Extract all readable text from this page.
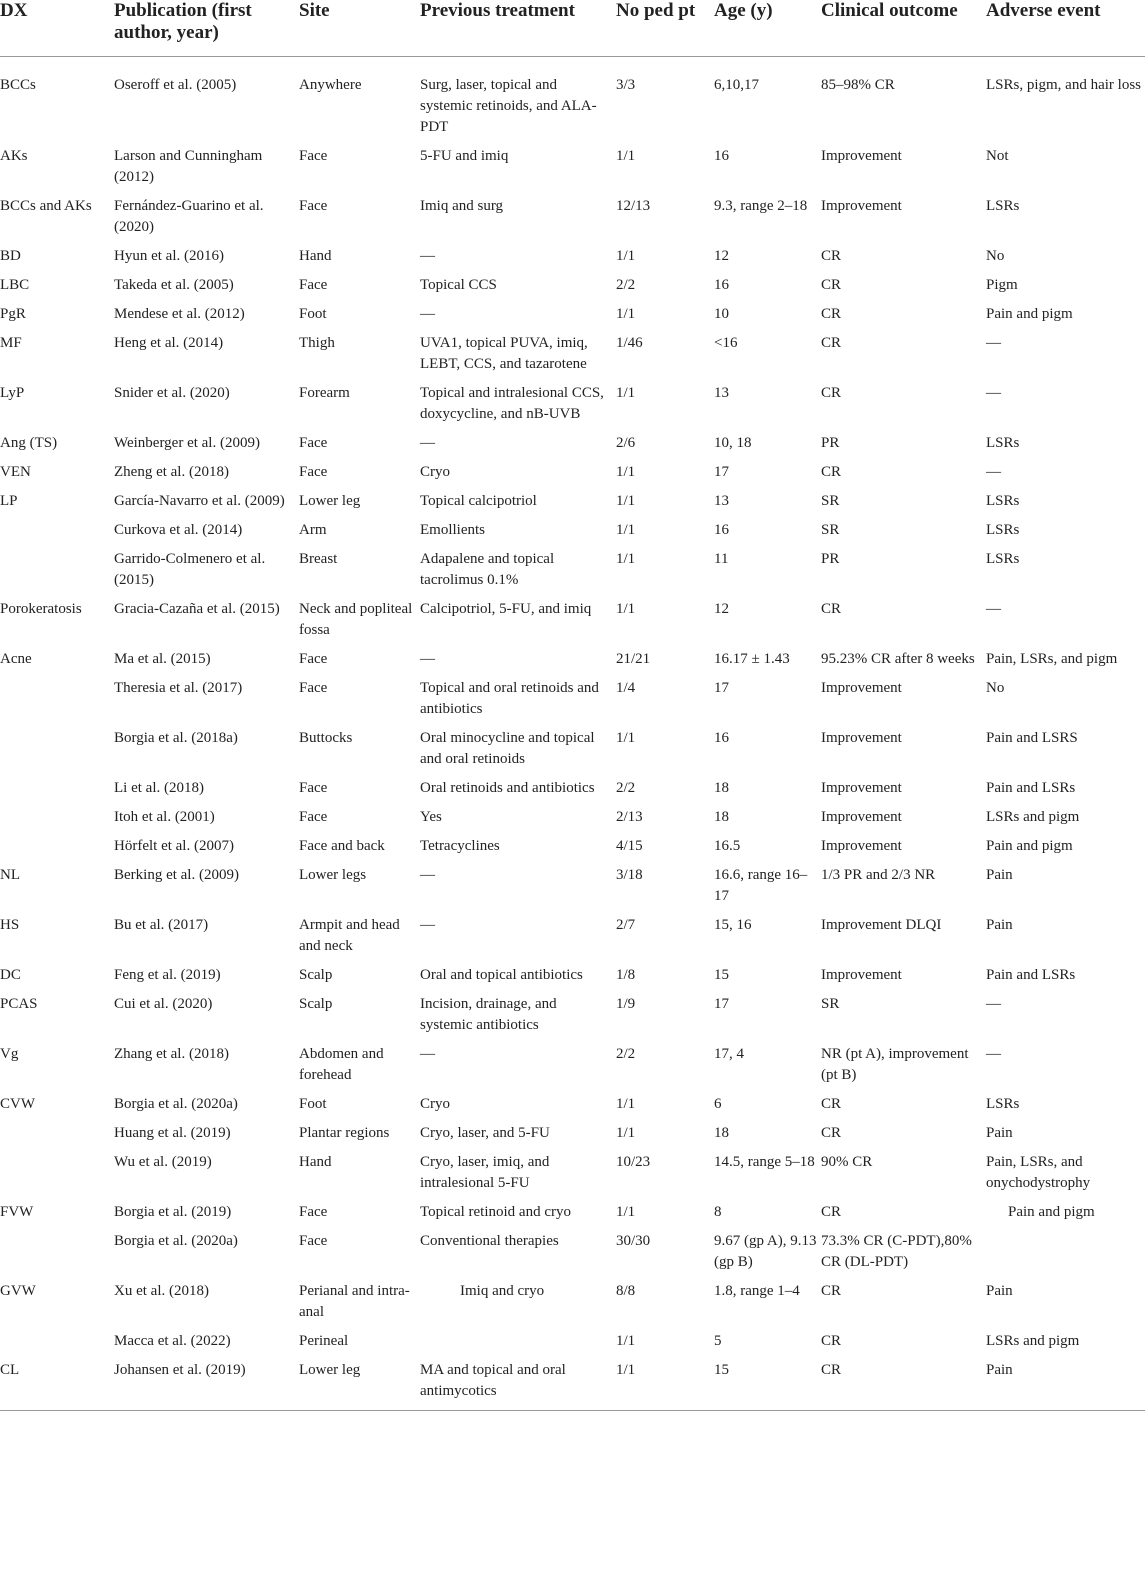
DX	Publication (first author, year)	Site	Previous treatment	No ped pt	Age (y)	Clinical outcome	Adverse event
BCCs	Oseroff et al. (2005)	Anywhere	Surg, laser, topical and systemic retinoids, and ALA-PDT	3/3	6,10,17	85–98% CR	LSRs, pigm, and hair loss
AKs	Larson and Cunningham (2012)	Face	5-FU and imiq	1/1	16	Improvement	Not
BCCs and AKs	Fernández-Guarino et al. (2020)	Face	Imiq and surg	12/13	9.3, range 2–18	Improvement	LSRs
BD	Hyun et al. (2016)	Hand	—	1/1	12	CR	No
LBC	Takeda et al. (2005)	Face	Topical CCS	2/2	16	CR	Pigm
PgR	Mendese et al. (2012)	Foot	—	1/1	10	CR	Pain and pigm
MF	Heng et al. (2014)	Thigh	UVA1, topical PUVA, imiq, LEBT, CCS, and tazarotene	1/46	<16	CR	—
LyP	Snider et al. (2020)	Forearm	Topical and intralesional CCS, doxycycline, and nB-UVB	1/1	13	CR	—
Ang (TS)	Weinberger et al. (2009)	Face	—	2/6	10, 18	PR	LSRs
VEN	Zheng et al. (2018)	Face	Cryo	1/1	17	CR	—
LP	García-Navarro et al. (2009)	Lower leg	Topical calcipotriol	1/1	13	SR	LSRs
	Curkova et al. (2014)	Arm	Emollients	1/1	16	SR	LSRs
	Garrido-Colmenero et al. (2015)	Breast	Adapalene and topical tacrolimus 0.1%	1/1	11	PR	LSRs
Porokeratosis	Gracia-Cazaña et al. (2015)	Neck and popliteal fossa	Calcipotriol, 5-FU, and imiq	1/1	12	CR	—
Acne	Ma et al. (2015)	Face	—	21/21	16.17 ± 1.43	95.23% CR after 8 weeks	Pain, LSRs, and pigm
	Theresia et al. (2017)	Face	Topical and oral retinoids and antibiotics	1/4	17	Improvement	No
	Borgia et al. (2018a)	Buttocks	Oral minocycline and topical and oral retinoids	1/1	16	Improvement	Pain and LSRS
	Li et al. (2018)	Face	Oral retinoids and antibiotics	2/2	18	Improvement	Pain and LSRs
	Itoh et al. (2001)	Face	Yes	2/13	18	Improvement	LSRs and pigm
	Hörfelt et al. (2007)	Face and back	Tetracyclines	4/15	16.5	Improvement	Pain and pigm
NL	Berking et al. (2009)	Lower legs	—	3/18	16.6, range 16–17	1/3 PR and 2/3 NR	Pain
HS	Bu et al. (2017)	Armpit and head and neck	—	2/7	15, 16	Improvement DLQI	Pain
DC	Feng et al. (2019)	Scalp	Oral and topical antibiotics	1/8	15	Improvement	Pain and LSRs
PCAS	Cui et al. (2020)	Scalp	Incision, drainage, and systemic antibiotics	1/9	17	SR	—
Vg	Zhang et al. (2018)	Abdomen and forehead	—	2/2	17, 4	NR (pt A), improvement (pt B)	—
CVW	Borgia et al. (2020a)	Foot	Cryo	1/1	6	CR	LSRs
	Huang et al. (2019)	Plantar regions	Cryo, laser, and 5-FU	1/1	18	CR	Pain
	Wu et al. (2019)	Hand	Cryo, laser, imiq, and intralesional 5-FU	10/23	14.5, range 5–18	90% CR	Pain, LSRs, and onychodystrophy
FVW	Borgia et al. (2019)	Face	Topical retinoid and cryo	1/1	8	CR	Pain and pigm
	Borgia et al. (2020a)	Face	Conventional therapies	30/30	9.67 (gp A), 9.13 (gp B)	73.3% CR (C-PDT),80% CR (DL-PDT)	
GVW	Xu et al. (2018)	Perianal and intra-anal	Imiq and cryo	8/8	1.8, range 1–4	CR	Pain
	Macca et al. (2022)	Perineal		1/1	5	CR	LSRs and pigm
CL	Johansen et al. (2019)	Lower leg	MA and topical and oral antimycotics	1/1	15	CR	Pain
